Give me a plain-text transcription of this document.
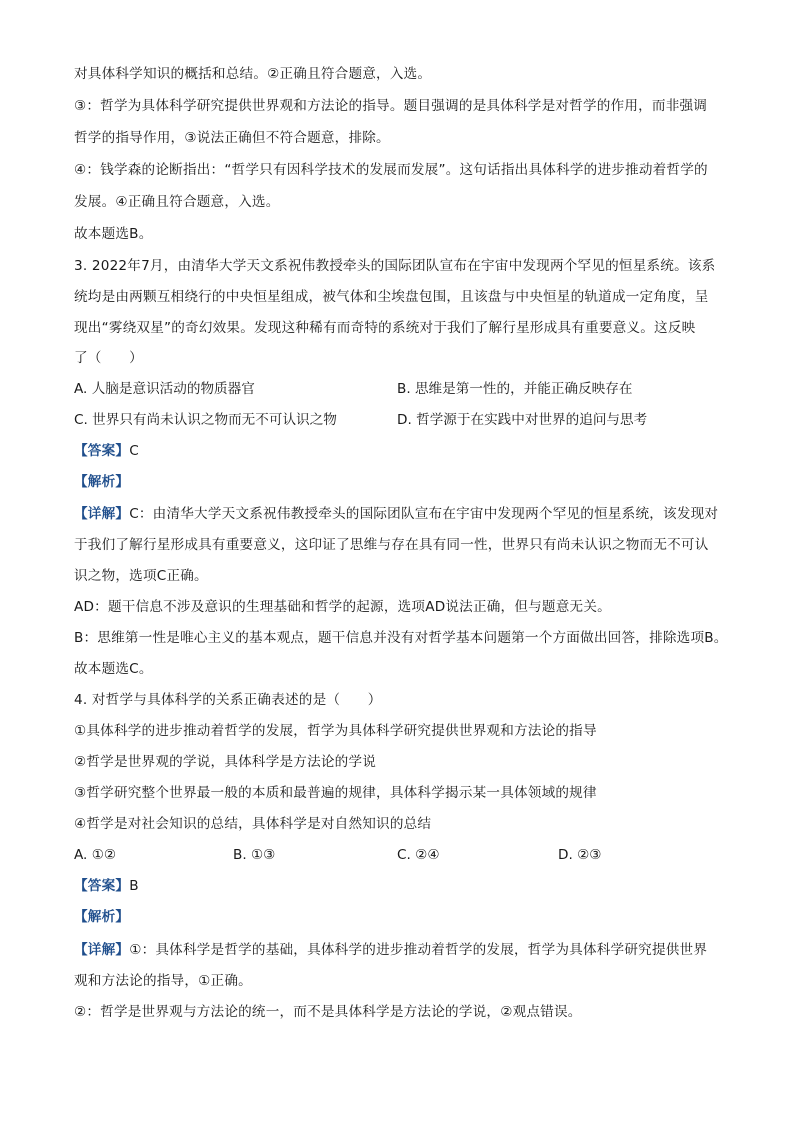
对具体科学知识的概括和总结。②正确且符合题意，入选。
③：哲学为具体科学研究提供世界观和方法论的指导。题目强调的是具体科学是对哲学的作用，而非强调
哲学的指导作用，③说法正确但不符合题意，排除。
④：钱学森的论断指出：“哲学只有因科学技术的发展而发展”。这句话指出具体科学的进步推动着哲学的
发展。④正确且符合题意，入选。
故本题选B。
3. 2022年7月，由清华大学天文系祝伟教授牵头的国际团队宣布在宇宙中发现两个罕见的恒星系统。该系
统均是由两颗互相绕行的中央恒星组成，被气体和尘埃盘包围，且该盘与中央恒星的轨道成一定角度，呈
现出“雾绕双星”的奇幻效果。发现这种稀有而奇特的系统对于我们了解行星形成具有重要意义。这反映
了（　　）
A. 人脑是意识活动的物质器官	B. 思维是第一性的，并能正确反映存在
C. 世界只有尚未认识之物而无不可认识之物	D. 哲学源于在实践中对世界的追问与思考
【答案】C
【解析】
【详解】C：由清华大学天文系祝伟教授牵头的国际团队宣布在宇宙中发现两个罕见的恒星系统，该发现对
于我们了解行星形成具有重要意义，这印证了思维与存在具有同一性，世界只有尚未认识之物而无不可认
识之物，选项C正确。
AD：题干信息不涉及意识的生理基础和哲学的起源，选项AD说法正确，但与题意无关。
B：思维第一性是唯心主义的基本观点，题干信息并没有对哲学基本问题第一个方面做出回答，排除选项B。
故本题选C。
4. 对哲学与具体科学的关系正确表述的是（　　）
①具体科学的进步推动着哲学的发展，哲学为具体科学研究提供世界观和方法论的指导
②哲学是世界观的学说，具体科学是方法论的学说
③哲学研究整个世界最一般的本质和最普遍的规律，具体科学揭示某一具体领域的规律
④哲学是对社会知识的总结，具体科学是对自然知识的总结
A. ①②	B. ①③	C. ②④	D. ②③
【答案】B
【解析】
【详解】①：具体科学是哲学的基础，具体科学的进步推动着哲学的发展，哲学为具体科学研究提供世界
观和方法论的指导，①正确。
②：哲学是世界观与方法论的统一，而不是具体科学是方法论的学说，②观点错误。
